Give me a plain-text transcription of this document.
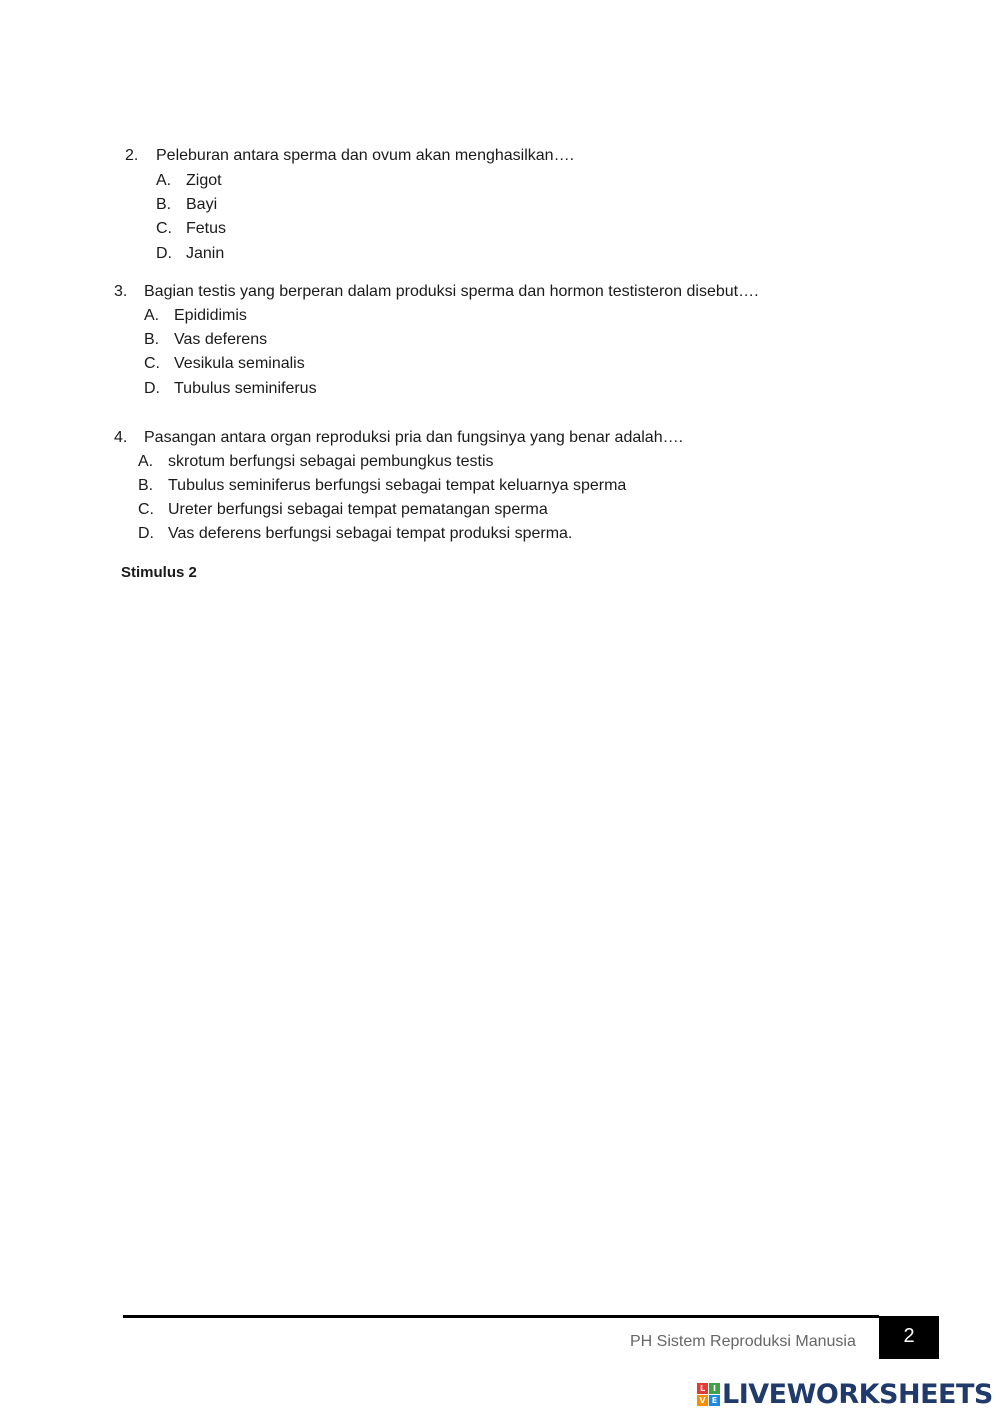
2.	Peleburan antara sperma dan ovum akan menghasilkan….
A. Zigot
B. Bayi
C. Fetus
D. Janin
3.	Bagian testis yang berperan dalam produksi sperma dan hormon testisteron disebut….
A. Epididimis
B. Vas deferens
C. Vesikula seminalis
D. Tubulus seminiferus
4.	Pasangan antara organ reproduksi pria dan fungsinya yang benar adalah….
A. skrotum berfungsi sebagai pembungkus testis
B. Tubulus seminiferus berfungsi sebagai tempat keluarnya sperma
C. Ureter berfungsi sebagai tempat pematangan sperma
D. Vas deferens berfungsi sebagai tempat produksi sperma.
Stimulus 2
PH Sistem Reproduksi Manusia	2
L I
V E LIVEWORKSHEETS
